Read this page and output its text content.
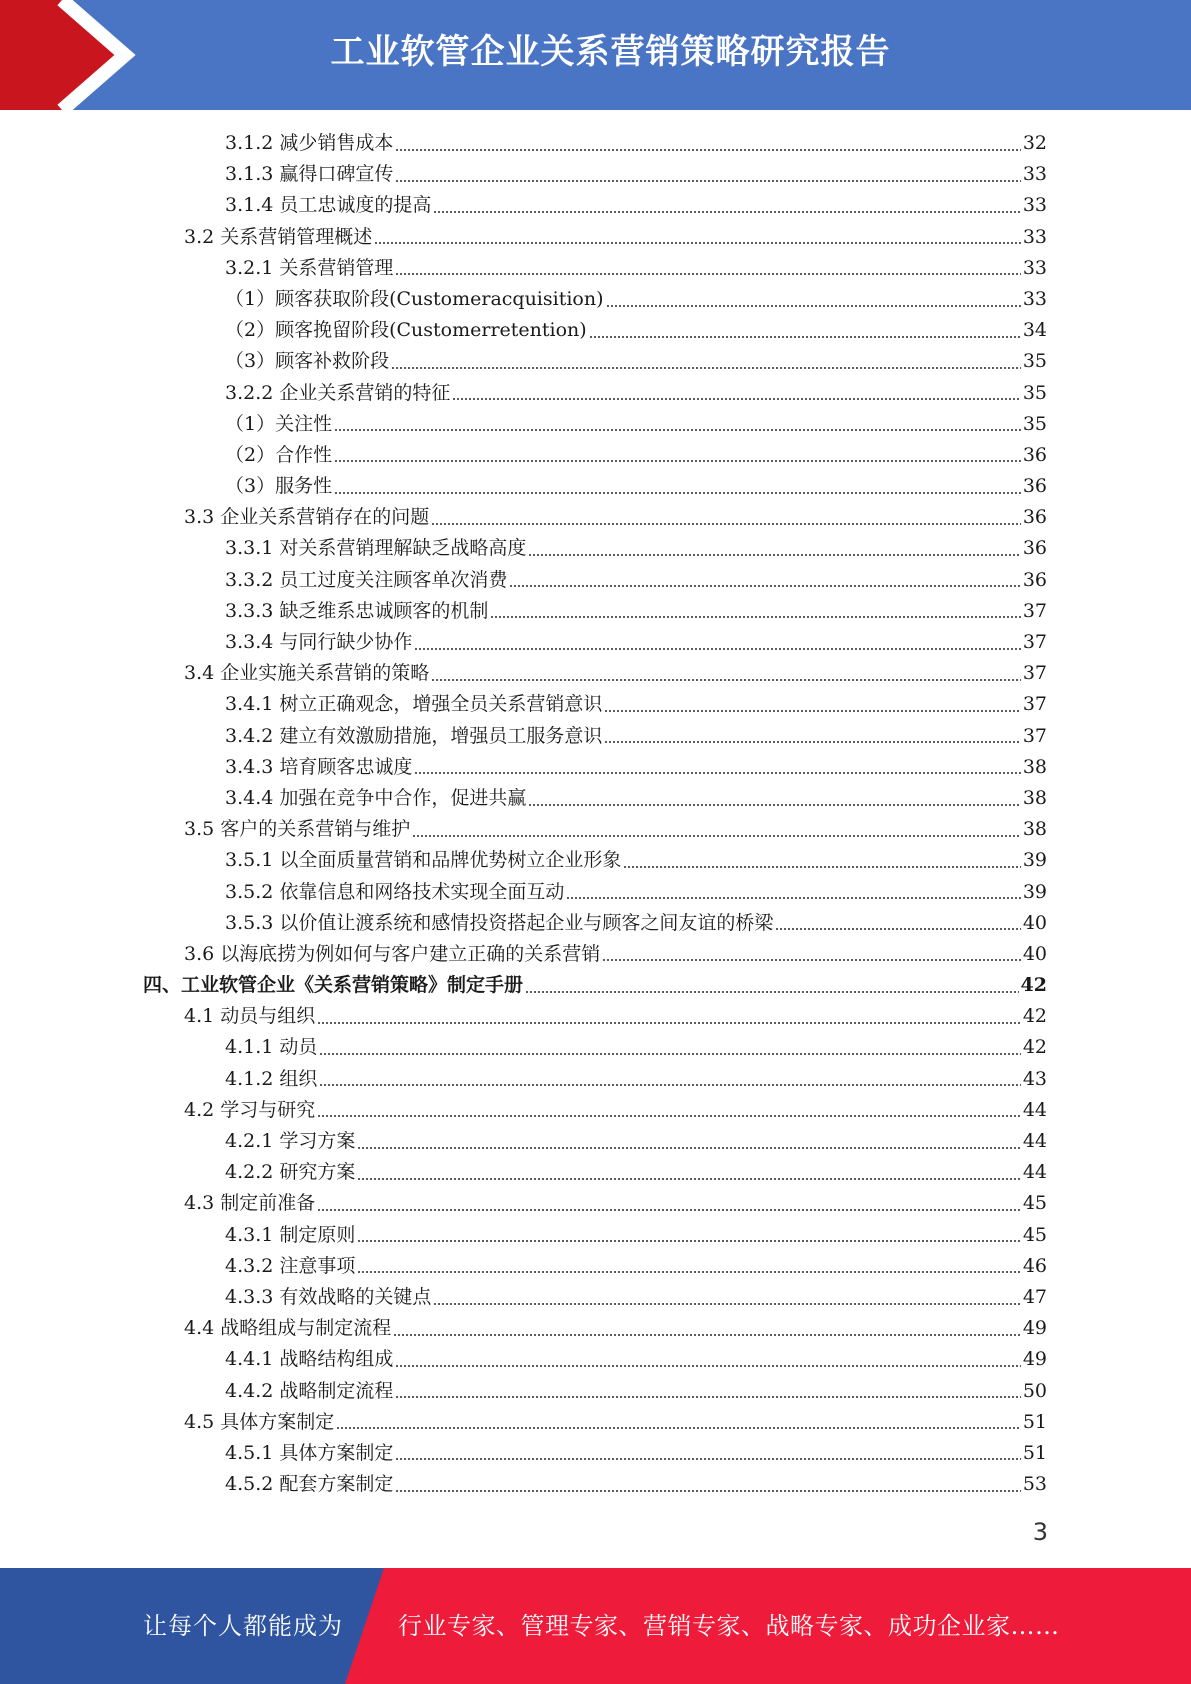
工业软管企业关系营销策略研究报告
3.1.2 减少销售成本	32
3.1.3 赢得口碑宣传	33
3.1.4 员工忠诚度的提高	33
3.2 关系营销管理概述	33
3.2.1 关系营销管理	33
（1）顾客获取阶段(Customeracquisition)	33
（2）顾客挽留阶段(Customerretention)	34
（3）顾客补救阶段	35
3.2.2 企业关系营销的特征	35
（1）关注性	35
（2）合作性	36
（3）服务性	36
3.3 企业关系营销存在的问题	36
3.3.1 对关系营销理解缺乏战略高度	36
3.3.2 员工过度关注顾客单次消费	36
3.3.3 缺乏维系忠诚顾客的机制	37
3.3.4 与同行缺少协作	37
3.4 企业实施关系营销的策略	37
3.4.1 树立正确观念，增强全员关系营销意识	37
3.4.2 建立有效激励措施，增强员工服务意识	37
3.4.3 培育顾客忠诚度	38
3.4.4 加强在竞争中合作，促进共赢	38
3.5 客户的关系营销与维护	38
3.5.1 以全面质量营销和品牌优势树立企业形象	39
3.5.2 依靠信息和网络技术实现全面互动	39
3.5.3 以价值让渡系统和感情投资搭起企业与顾客之间友谊的桥梁	40
3.6 以海底捞为例如何与客户建立正确的关系营销	40
四、工业软管企业《关系营销策略》制定手册	42
4.1 动员与组织	42
4.1.1 动员	42
4.1.2 组织	43
4.2 学习与研究	44
4.2.1 学习方案	44
4.2.2 研究方案	44
4.3 制定前准备	45
4.3.1 制定原则	45
4.3.2 注意事项	46
4.3.3 有效战略的关键点	47
4.4 战略组成与制定流程	49
4.4.1 战略结构组成	49
4.4.2 战略制定流程	50
4.5 具体方案制定	51
4.5.1 具体方案制定	51
4.5.2 配套方案制定	53
3
让每个人都能成为 行业专家、管理专家、营销专家、战略专家、成功企业家……
